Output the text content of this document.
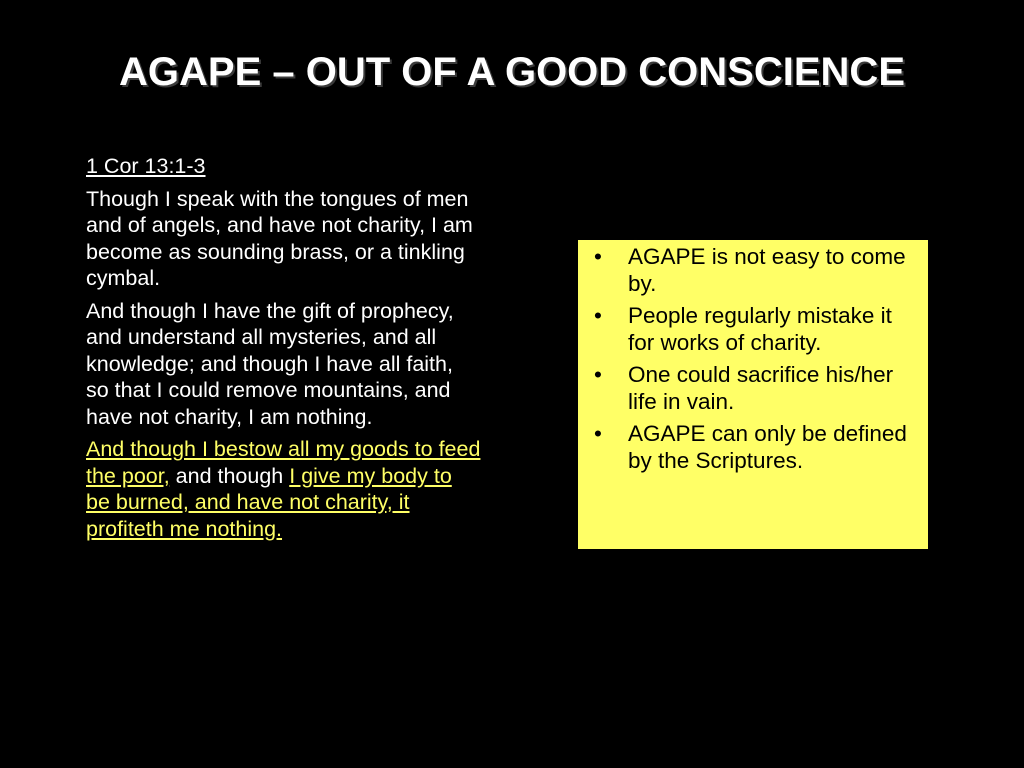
AGAPE – OUT OF A GOOD CONSCIENCE

1 Cor 13:1-3

Though I speak with the tongues of men and of angels, and have not charity, I am become as sounding brass, or a tinkling cymbal.

And though I have the gift of prophecy, and understand all mysteries, and all knowledge; and though I have all faith, so that I could remove mountains, and have not charity, I am nothing.

And though I bestow all my goods to feed the poor, and though I give my body to be burned, and have not charity, it profiteth me nothing.

• AGAPE is not easy to come by.
• People regularly mistake it for works of charity.
• One could sacrifice his/her life in vain.
• AGAPE can only be defined by the Scriptures.
